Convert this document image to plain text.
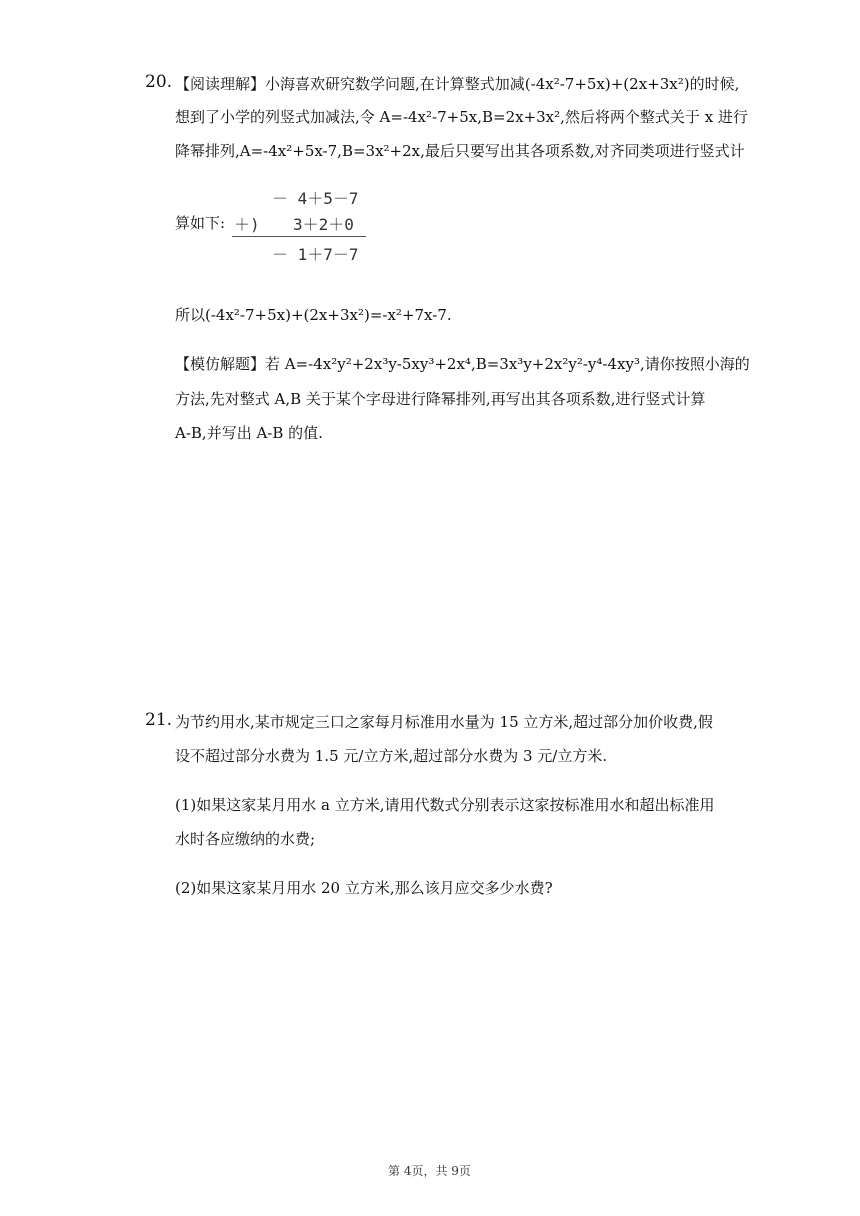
20. 【阅读理解】小海喜欢研究数学问题,在计算整式加减(-4x²-7+5x)+(2x+3x²)的时候,
想到了小学的列竖式加减法,令 A=-4x²-7+5x,B=2x+3x²,然后将两个整式关于 x 进行
降幂排列,A=-4x²+5x-7,B=3x²+2x,最后只要写出其各项系数,对齐同类项进行竖式计
－ 4＋5－7
算如下: ＋) 3＋2＋0
－ 1＋7－7
所以(-4x²-7+5x)+(2x+3x²)=-x²+7x-7.
【模仿解题】若 A=-4x²y²+2x³y-5xy³+2x⁴,B=3x³y+2x²y²-y⁴-4xy³,请你按照小海的
方法,先对整式 A,B 关于某个字母进行降幂排列,再写出其各项系数,进行竖式计算
A-B,并写出 A-B 的值.
21. 为节约用水,某市规定三口之家每月标准用水量为 15 立方米,超过部分加价收费,假
设不超过部分水费为 1.5 元/立方米,超过部分水费为 3 元/立方米.
(1)如果这家某月用水 a 立方米,请用代数式分别表示这家按标准用水和超出标准用
水时各应缴纳的水费;
(2)如果这家某月用水 20 立方米,那么该月应交多少水费?
第 4页，共 9页
